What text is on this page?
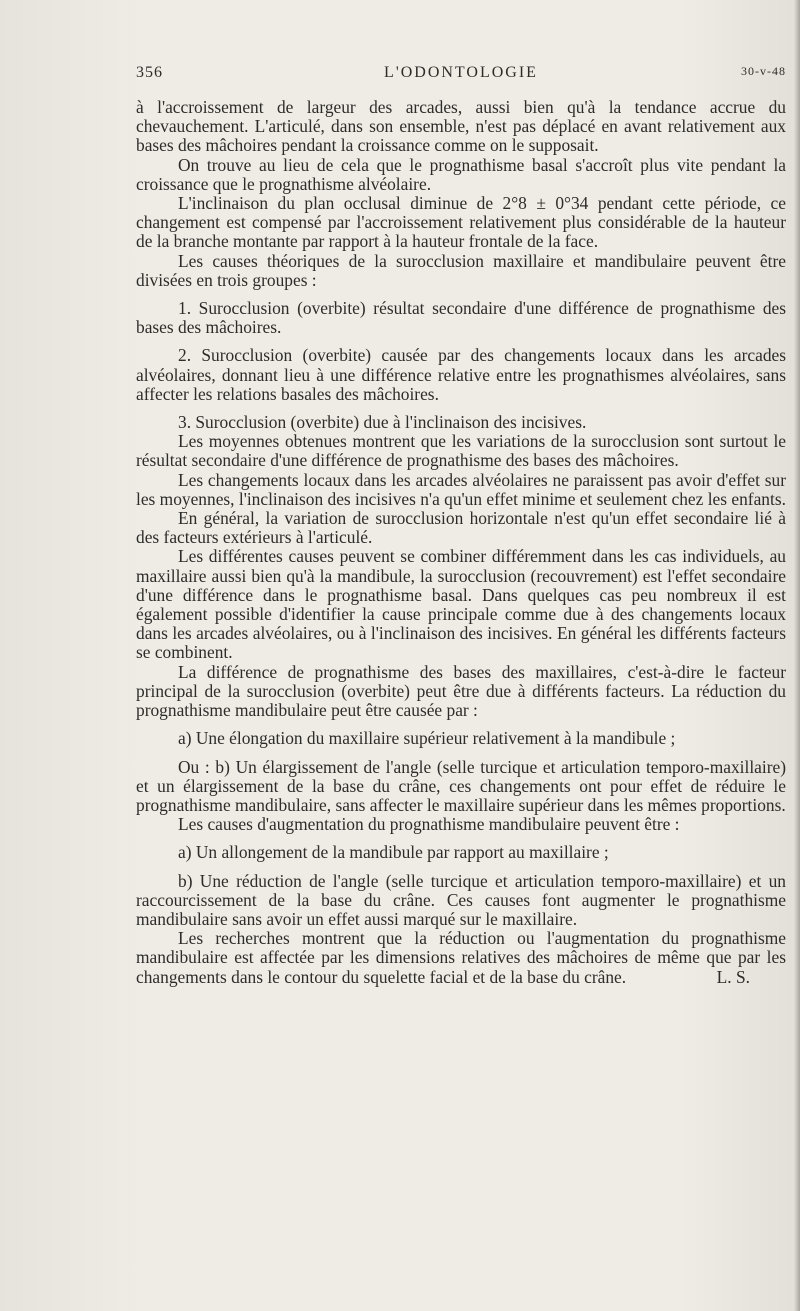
356	L'ODONTOLOGIE	30-v-48

à l'accroissement de largeur des arcades, aussi bien qu'à la tendance accrue du chevauchement. L'articulé, dans son ensemble, n'est pas déplacé en avant relativement aux bases des mâchoires pendant la croissance comme on le supposait.

On trouve au lieu de cela que le prognathisme basal s'accroît plus vite pendant la croissance que le prognathisme alvéolaire.

L'inclinaison du plan occlusal diminue de 2°8 ± 0°34 pendant cette période, ce changement est compensé par l'accroissement relativement plus considérable de la hauteur de la branche montante par rapport à la hauteur frontale de la face.

Les causes théoriques de la surocclusion maxillaire et mandibulaire peuvent être divisées en trois groupes :

1. Surocclusion (overbite) résultat secondaire d'une différence de prognathisme des bases des mâchoires.

2. Surocclusion (overbite) causée par des changements locaux dans les arcades alvéolaires, donnant lieu à une différence relative entre les prognathismes alvéolaires, sans affecter les relations basales des mâchoires.

3. Surocclusion (overbite) due à l'inclinaison des incisives.

Les moyennes obtenues montrent que les variations de la surocclusion sont surtout le résultat secondaire d'une différence de prognathisme des bases des mâchoires.

Les changements locaux dans les arcades alvéolaires ne paraissent pas avoir d'effet sur les moyennes, l'inclinaison des incisives n'a qu'un effet minime et seulement chez les enfants.

En général, la variation de surocclusion horizontale n'est qu'un effet secondaire lié à des facteurs extérieurs à l'articulé.

Les différentes causes peuvent se combiner différemment dans les cas individuels, au maxillaire aussi bien qu'à la mandibule, la surocclusion (recouvrement) est l'effet secondaire d'une différence dans le prognathisme basal. Dans quelques cas peu nombreux il est également possible d'identifier la cause principale comme due à des changements locaux dans les arcades alvéolaires, ou à l'inclinaison des incisives. En général les différents facteurs se combinent.

La différence de prognathisme des bases des maxillaires, c'est-à-dire le facteur principal de la surocclusion (overbite) peut être due à différents facteurs. La réduction du prognathisme mandibulaire peut être causée par :

a) Une élongation du maxillaire supérieur relativement à la mandibule ;

Ou : b) Un élargissement de l'angle (selle turcique et articulation temporo-maxillaire) et un élargissement de la base du crâne, ces changements ont pour effet de réduire le prognathisme mandibulaire, sans affecter le maxillaire supérieur dans les mêmes proportions.

Les causes d'augmentation du prognathisme mandibulaire peuvent être :

a) Un allongement de la mandibule par rapport au maxillaire ;

b) Une réduction de l'angle (selle turcique et articulation temporo-maxillaire) et un raccourcissement de la base du crâne. Ces causes font augmenter le prognathisme mandibulaire sans avoir un effet aussi marqué sur le maxillaire.

Les recherches montrent que la réduction ou l'augmentation du prognathisme mandibulaire est affectée par les dimensions relatives des mâchoires de même que par les changements dans le contour du squelette facial et de la base du crâne.	L. S.
